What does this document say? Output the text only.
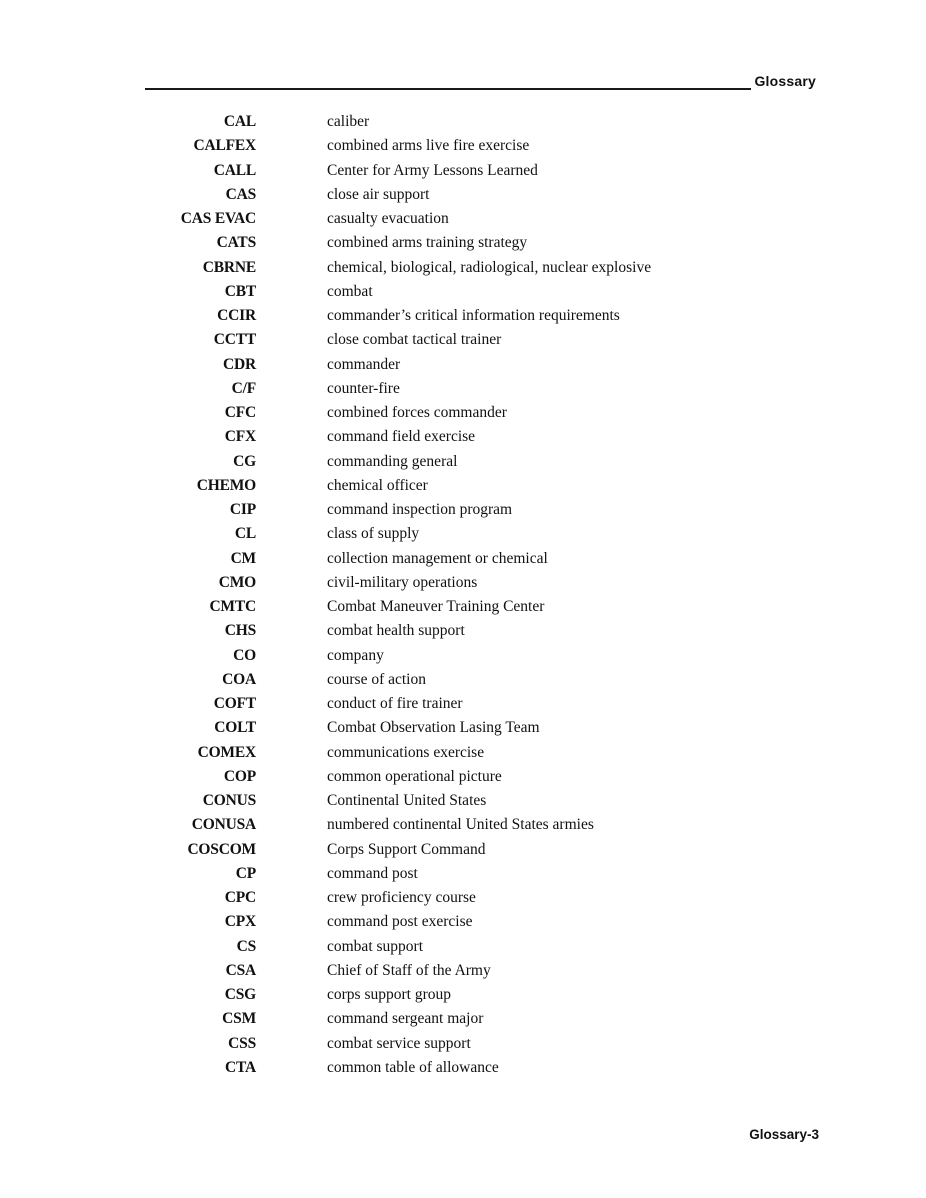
Glossary
CAL	caliber
CALFEX	combined arms live fire exercise
CALL	Center for Army Lessons Learned
CAS	close air support
CAS EVAC	casualty evacuation
CATS	combined arms training strategy
CBRNE	chemical, biological, radiological, nuclear explosive
CBT	combat
CCIR	commander’s critical information requirements
CCTT	close combat tactical trainer
CDR	commander
C/F	counter-fire
CFC	combined forces commander
CFX	command field exercise
CG	commanding general
CHEMO	chemical officer
CIP	command inspection program
CL	class of supply
CM	collection management or chemical
CMO	civil-military operations
CMTC	Combat Maneuver Training Center
CHS	combat health support
CO	company
COA	course of action
COFT	conduct of fire trainer
COLT	Combat Observation Lasing Team
COMEX	communications exercise
COP	common operational picture
CONUS	Continental United States
CONUSA	numbered continental United States armies
COSCOM	Corps Support Command
CP	command post
CPC	crew proficiency course
CPX	command post exercise
CS	combat support
CSA	Chief of Staff of the Army
CSG	corps support group
CSM	command sergeant major
CSS	combat service support
CTA	common table of allowance
Glossary-3
